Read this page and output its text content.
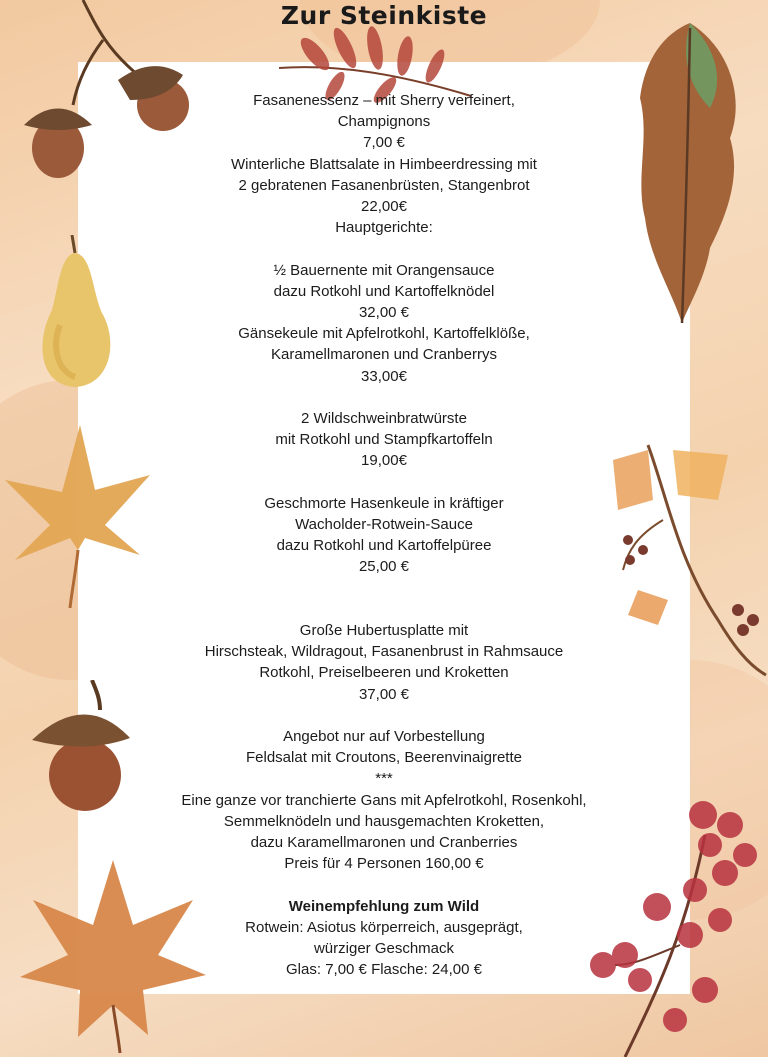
Zur Steinkiste
Fasanenessenz – mit Sherry verfeinert,
Champignons
7,00 €
Winterliche Blattsalate in Himbeerdressing mit
2 gebratenen Fasanenbrüsten, Stangenbrot
22,00€
Hauptgerichte:
½ Bauernente mit Orangensauce
dazu Rotkohl und Kartoffelknödel
32,00 €
Gänsekeule mit Apfelrotkohl, Kartoffelklöße,
Karamellmaronen und Cranberrys
33,00€
2 Wildschweinbratwürste
mit Rotkohl und Stampfkartoffeln
19,00€
Geschmorte Hasenkeule in kräftiger
Wacholder-Rotwein-Sauce
dazu Rotkohl und Kartoffelpüree
25,00 €
Große Hubertusplatte mit
Hirschsteak, Wildragout, Fasanenbrust in Rahmsauce
Rotkohl, Preiselbeeren und Kroketten
37,00 €
Angebot nur auf Vorbestellung
Feldsalat mit Croutons, Beerenvinaigrette
***
Eine ganze vor tranchierte Gans mit Apfelrotkohl, Rosenkohl,
Semmelknödeln und hausgemachten Kroketten,
dazu Karamellmaronen und Cranberries
Preis für 4 Personen 160,00 €
Weinempfehlung zum Wild
Rotwein: Asiotus körperreich, ausgeprägt,
würziger Geschmack
Glas: 7,00 € Flasche: 24,00 €
